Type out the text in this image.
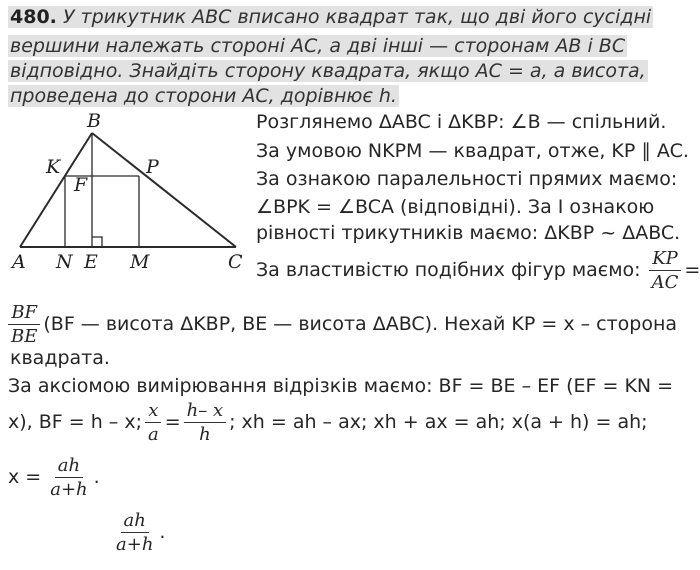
480. У трикутник ABC вписано квадрат так, що дві його сусідні
вершини належать стороні AC, а дві інші — сторонам AB і BC
відповідно. Знайдіть сторону квадрата, якщо AC = a, а висота,
проведена до сторони AC, дорівнює h.
B
K	P
F
A N E M	C
Розглянемо ΔABC і ΔKBP: ∠B — спільний.
За умовою NKPM — квадрат, отже, KP ∥ AC.
За ознакою паралельності прямих маємо:
∠BPK = ∠BCA (відповідні). За І ознакою
рівності трикутників маємо: ΔKBP ~ ΔABC.
За властивістю подібних фігур маємо: $\frac{KP}{AC}$ =
$\frac{BF}{BE} (BF$ — висота ΔKBP, BE — висота ΔABC). Нехай KP = x – сторона
квадрата.
За аксіомою вимірювання відрізків маємо: BF = BE – EF (EF = KN =
x), BF = h – x; $\frac{x}{a} = \frac{h- x}{h}$ ; xh = ah – ax; xh + ax = ah; x(a + h) = ah;
$x = \frac{ah}{a+h}$ .
$\frac{ah}{a+h}$ .
